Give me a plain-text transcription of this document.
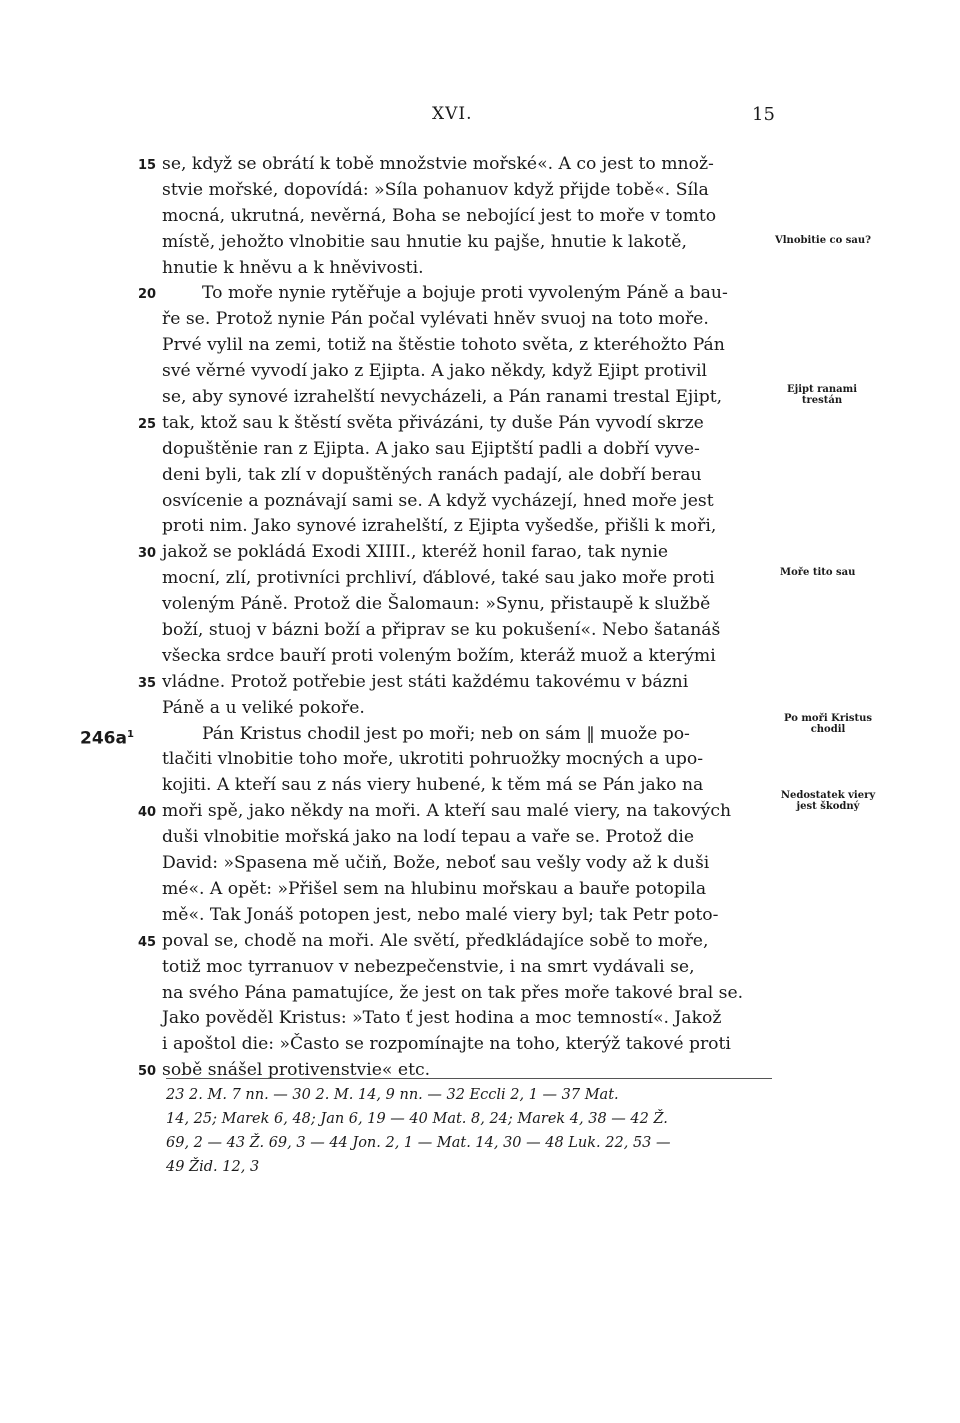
XVI.	15
15 se, když se obrátí k tobě množstvie mořské«. A co jest to množ-
stvie mořské, dopovídá: »Síla pohanuov když přijde tobě«. Síla
mocná, ukrutná, nevěrná, Boha se nebojící jest to moře v tomto
místě, jehožto vlnobitie sau hnutie ku pajše, hnutie k lakotě,
hnutie k hněvu a k hněvivosti.
20	To moře nynie rytěřuje a bojuje proti vyvoleným Páně a bau-
ře se. Protož nynie Pán počal vylévati hněv svuoj na toto moře.
Prvé vylil na zemi, totiž na štěstie tohoto světa, z kteréhožto Pán
své věrné vyvodí jako z Ejipta. A jako někdy, když Ejipt protivil
se, aby synové izrahelští nevycházeli, a Pán ranami trestal Ejipt,
25 tak, ktož sau k štěstí světa přivázáni, ty duše Pán vyvodí skrze
dopuštěnie ran z Ejipta. A jako sau Ejiptští padli a dobří vyve-
deni byli, tak zlí v dopuštěných ranách padají, ale dobří berau
osvícenie a poznávají sami se. A když vycházejí, hned moře jest
proti nim. Jako synové izrahelští, z Ejipta vyšedše, přišli k moři,
30 jakož se pokládá Exodi XIIII., kteréž honil farao, tak nynie
mocní, zlí, protivníci prchliví, ďáblové, také sau jako moře proti
voleným Páně. Protož die Šalomaun: »Synu, přistaupě k službě
boží, stuoj v bázni boží a připrav se ku pokušení«. Nebo šatanáš
všecka srdce bauří proti voleným božím, kteráž muož a kterými
35 vládne. Protož potřebie jest státi každému takovému v bázni
Páně a u veliké pokoře.
$246a^1$	Pán Kristus chodil jest po moři; neb on sám ‖ muože po-
tlačiti vlnobitie toho moře, ukrotiti pohruožky mocných a upo-
kojiti. A kteří sau z nás viery hubené, k těm má se Pán jako na
40 moři spě, jako někdy na moři. A kteří sau malé viery, na takových
duši vlnobitie mořská jako na lodí tepau a vaře se. Protož die
David: »Spasena mě učiň, Bože, neboť sau vešly vody až k duši
mé«. A opět: »Přišel sem na hlubinu mořskau a bauře potopila
mě«. Tak Jonáš potopen jest, nebo malé viery byl; tak Petr poto-
45 poval se, chodě na moři. Ale světí, předkládajíce sobě to moře,
totiž moc tyrranuov v nebezpečenstvie, i na smrt vydávali se,
na svého Pána pamatujíce, že jest on tak přes moře takové bral se.
Jako pověděl Kristus: »Tato ť jest hodina a moc temností«. Jakož
i apoštol die: »Často se rozpomínajte na toho, kterýž takové proti
50 sobě snášel protivenstvie« etc.
Vlnobitie co sau?
Ejipt ranami trestán
Moře tito sau
Po moři Kristus chodil
Nedostatek viery jest škodný
23 2. M. 7 nn. — 30 2. M. 14, 9 nn. — 32 Eccli 2, 1 — 37 Mat.
14, 25; Marek 6, 48; Jan 6, 19 — 40 Mat. 8, 24; Marek 4, 38 — 42 Ž.
69, 2 — 43 Ž. 69, 3 — 44 Jon. 2, 1 — Mat. 14, 30 — 48 Luk. 22, 53 —
49 Žid. 12, 3
